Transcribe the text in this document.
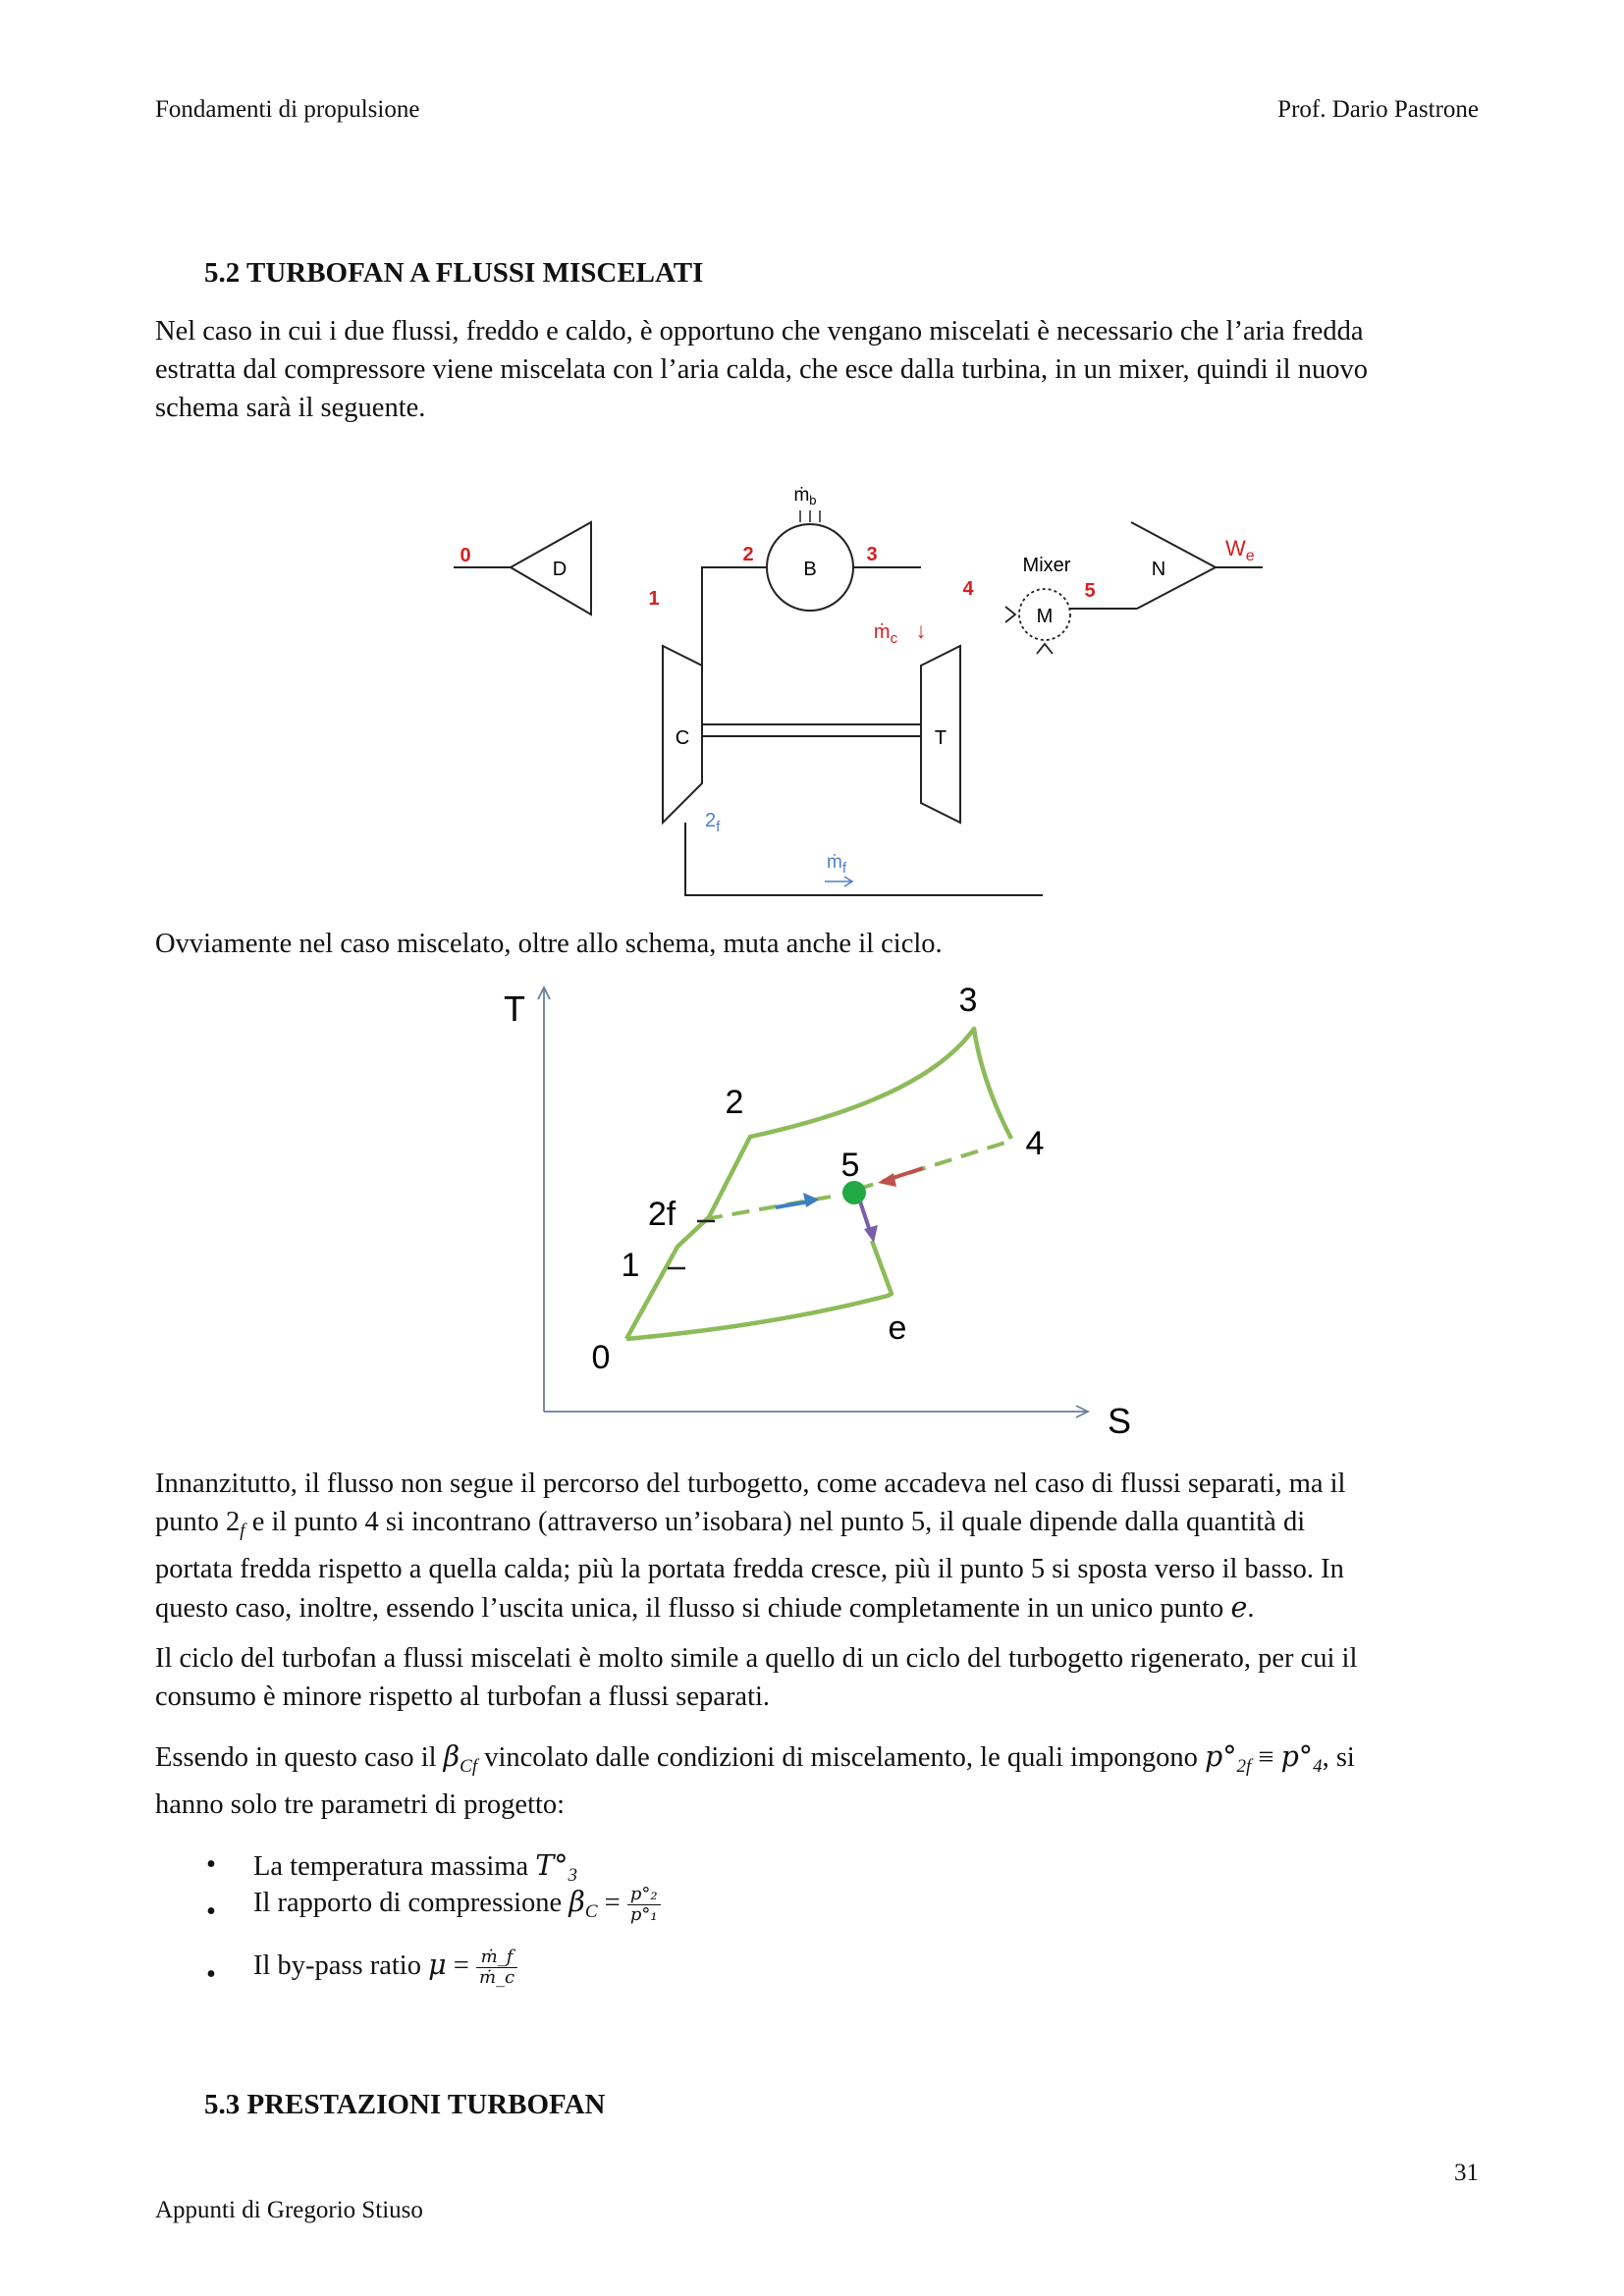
Fondamenti di propulsione	Prof. Dario Pastrone
5.2 TURBOFAN A FLUSSI MISCELATI
Nel caso in cui i due flussi, freddo e caldo, è opportuno che vengano miscelati è necessario che l’aria fredda
estratta dal compressore viene miscelata con l’aria calda, che esce dalla turbina, in un mixer, quindi il nuovo
schema sarà il seguente.
D
0
1
C
2
B
ṁ$_b$
3
ṁ$_c$ ↓
T
4
$2_f$
ṁ$_f$
Mixer
M
5
N
$W_e$
Ovviamente nel caso miscelato, oltre allo schema, muta anche il ciclo.
T
S
0
1
2f
2
3
4
5
e
Innanzitutto, il flusso non segue il percorso del turbogetto, come accadeva nel caso di flussi separati, ma il
punto $2_f$ e il punto 4 si incontrano (attraverso un’isobara) nel punto 5, il quale dipende dalla quantità di
portata fredda rispetto a quella calda; più la portata fredda cresce, più il punto 5 si sposta verso il basso. In
questo caso, inoltre, essendo l’uscita unica, il flusso si chiude completamente in un unico punto e.
Il ciclo del turbofan a flussi miscelati è molto simile a quello di un ciclo del turbogetto rigenerato, per cui il
consumo è minore rispetto al turbofan a flussi separati.
Essendo in questo caso il $\beta_{Cf}$ vincolato dalle condizioni di miscelamento, le quali impongono $p^\circ_{2f} \equiv p^\circ_4$, si
hanno solo tre parametri di progetto:
• La temperatura massima $T^\circ_3$
• Il rapporto di compressione $\beta_C = \frac{\text{p°₂}}{\text{p°₁}}$
• Il by-pass ratio $\mu = \frac{\text{ṁ\_f}}{\text{ṁ\_c}}$
5.3 PRESTAZIONI TURBOFAN
31
Appunti di Gregorio Stiuso
